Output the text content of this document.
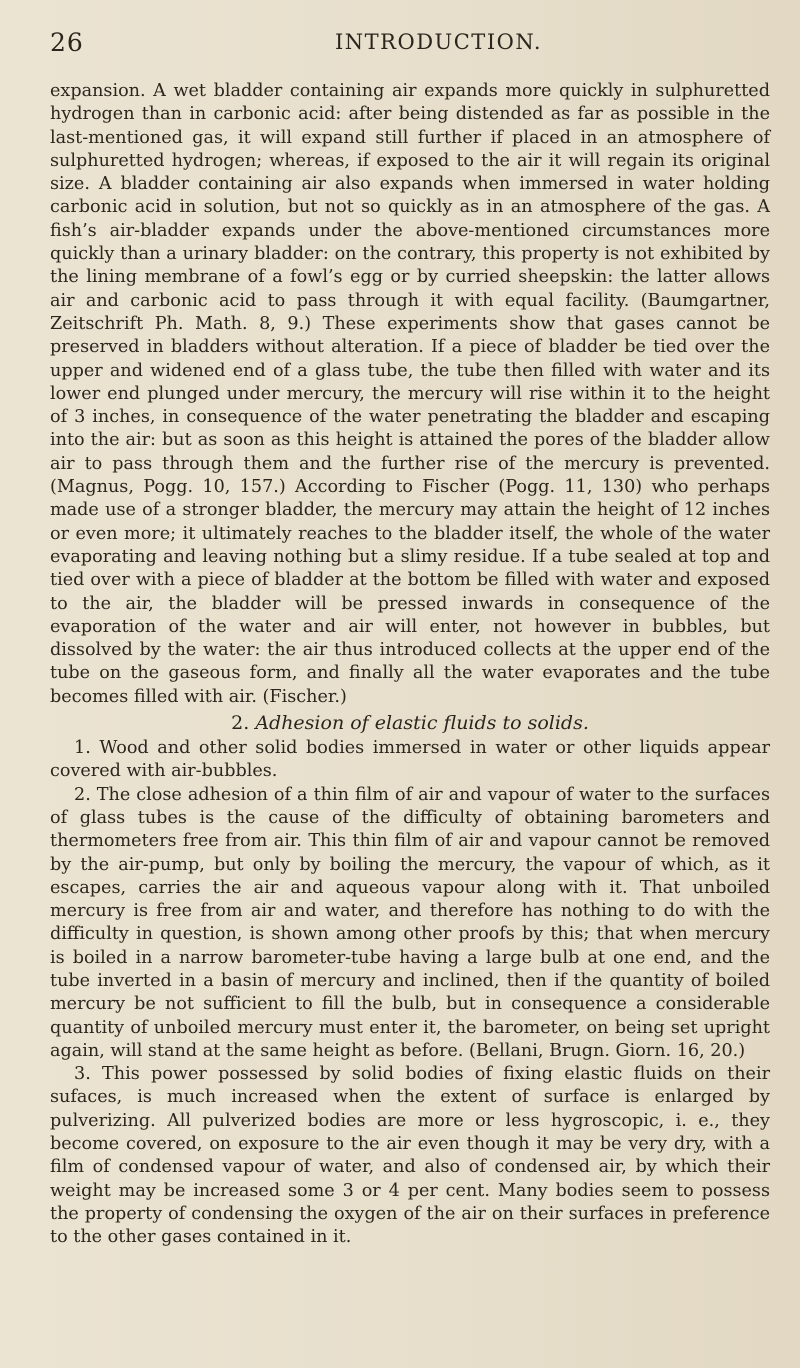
26	INTRODUCTION.

expansion. A wet bladder containing air expands more quickly in sulphuretted hydrogen than in carbonic acid: after being distended as far as possible in the last-mentioned gas, it will expand still further if placed in an atmosphere of sulphuretted hydrogen; whereas, if exposed to the air it will regain its original size. A bladder containing air also expands when immersed in water holding carbonic acid in solution, but not so quickly as in an atmosphere of the gas. A fish’s air-bladder expands under the above-mentioned circumstances more quickly than a urinary bladder: on the contrary, this property is not exhibited by the lining membrane of a fowl’s egg or by curried sheepskin: the latter allows air and carbonic acid to pass through it with equal facility. (Baumgartner, Zeitschrift Ph. Math. 8, 9.) These experiments show that gases cannot be preserved in bladders without alteration. If a piece of bladder be tied over the upper and widened end of a glass tube, the tube then filled with water and its lower end plunged under mercury, the mercury will rise within it to the height of 3 inches, in consequence of the water penetrating the bladder and escaping into the air: but as soon as this height is attained the pores of the bladder allow air to pass through them and the further rise of the mercury is prevented. (Magnus, Pogg. 10, 157.) According to Fischer (Pogg. 11, 130) who perhaps made use of a stronger bladder, the mercury may attain the height of 12 inches or even more; it ultimately reaches to the bladder itself, the whole of the water evaporating and leaving nothing but a slimy residue. If a tube sealed at top and tied over with a piece of bladder at the bottom be filled with water and exposed to the air, the bladder will be pressed inwards in consequence of the evaporation of the water and air will enter, not however in bubbles, but dissolved by the water: the air thus introduced collects at the upper end of the tube on the gaseous form, and finally all the water evaporates and the tube becomes filled with air. (Fischer.)

2. Adhesion of elastic fluids to solids.

1. Wood and other solid bodies immersed in water or other liquids appear covered with air-bubbles.

2. The close adhesion of a thin film of air and vapour of water to the surfaces of glass tubes is the cause of the difficulty of obtaining barometers and thermometers free from air. This thin film of air and vapour cannot be removed by the air-pump, but only by boiling the mercury, the vapour of which, as it escapes, carries the air and aqueous vapour along with it. That unboiled mercury is free from air and water, and therefore has nothing to do with the difficulty in question, is shown among other proofs by this; that when mercury is boiled in a narrow barometer-tube having a large bulb at one end, and the tube inverted in a basin of mercury and inclined, then if the quantity of boiled mercury be not sufficient to fill the bulb, but in consequence a considerable quantity of unboiled mercury must enter it, the barometer, on being set upright again, will stand at the same height as before. (Bellani, Brugn. Giorn. 16, 20.)

3. This power possessed by solid bodies of fixing elastic fluids on their sufaces, is much increased when the extent of surface is enlarged by pulverizing. All pulverized bodies are more or less hygroscopic, i. e., they become covered, on exposure to the air even though it may be very dry, with a film of condensed vapour of water, and also of condensed air, by which their weight may be increased some 3 or 4 per cent. Many bodies seem to possess the property of condensing the oxygen of the air on their surfaces in preference to the other gases contained in it.
